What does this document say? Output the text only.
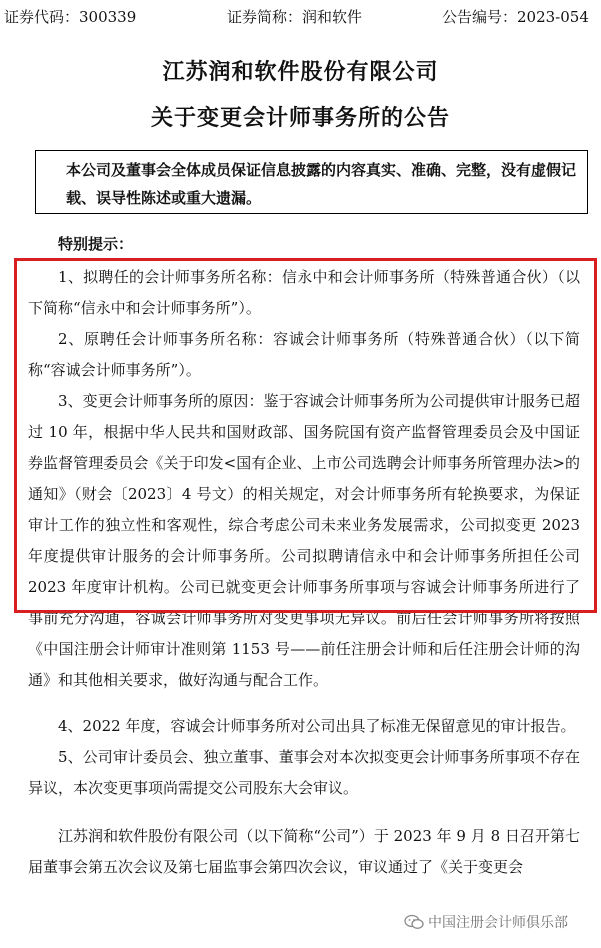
证券代码：300339	证券简称：润和软件	公告编号：2023-054
江苏润和软件股份有限公司
关于变更会计师事务所的公告
本公司及董事会全体成员保证信息披露的内容真实、准确、完整，没有虚假记载、误导性陈述或重大遗漏。
特别提示：

1、拟聘任的会计师事务所名称：信永中和会计师事务所（特殊普通合伙）（以下简称“信永中和会计师事务所”）。

2、原聘任会计师事务所名称：容诚会计师事务所（特殊普通合伙）（以下简称“容诚会计师事务所”）。

3、变更会计师事务所的原因：鉴于容诚会计师事务所为公司提供审计服务已超过 10 年，根据中华人民共和国财政部、国务院国有资产监督管理委员会及中国证券监督管理委员会《关于印发<国有企业、上市公司选聘会计师事务所管理办法>的通知》（财会〔2023〕4 号文）的相关规定，对会计师事务所有轮换要求，为保证审计工作的独立性和客观性，综合考虑公司未来业务发展需求，公司拟变更 2023 年度提供审计服务的会计师事务所。公司拟聘请信永中和会计师事务所担任公司 2023 年度审计机构。公司已就变更会计师事务所事项与容诚会计师事务所进行了事前充分沟通，容诚会计师事务所对变更事项无异议。前后任会计师事务所将按照《中国注册会计师审计准则第 1153 号——前任注册会计师和后任注册会计师的沟通》和其他相关要求，做好沟通与配合工作。

4、2022 年度，容诚会计师事务所对公司出具了标准无保留意见的审计报告。

5、公司审计委员会、独立董事、董事会对本次拟变更会计师事务所事项不存在异议，本次变更事项尚需提交公司股东大会审议。

江苏润和软件股份有限公司（以下简称“公司”）于 2023 年 9 月 8 日召开第七届董事会第五次会议及第七届监事会第四次会议，审议通过了《关于变更会

中国注册会计师俱乐部
